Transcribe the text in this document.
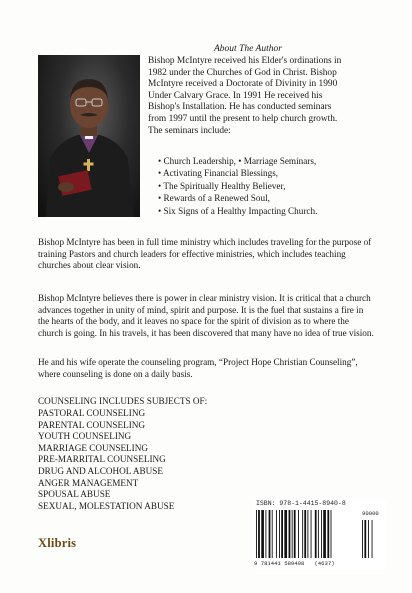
About The Author

Bishop McIntyre received his Elder's ordinations in

1982 under the Churches of God in Christ. Bishop

McIntyre received a Doctorate of Divinity in 1990

Under Calvary Grace. In 1991 He received his

Bishop's Installation. He has conducted seminars

from 1997 until the present to help church growth.

The seminars include:

• Church Leadership, • Marriage Seminars,
• Activating Financial Blessings,
• The Spiritually Healthy Believer,
• Rewards of a Renewed Soul,
• Six Signs of a Healthy Impacting Church.

Bishop McIntyre has been in full time ministry which includes traveling for the purpose of training Pastors and church leaders for effective ministries, which includes teaching churches about clear vision.

Bishop McIntyre believes there is power in clear ministry vision. It is critical that a church advances together in unity of mind, spirit and purpose. It is the fuel that sustains a fire in the hearts of the body, and it leaves no space for the spirit of division as to where the church is going. In his travels, it has been discovered that many have no idea of true vision.

He and his wife operate the counseling program, “Project Hope Christian Counseling”, where counseling is done on a daily basis.

COUNSELING INCLUDES SUBJECTS OF:
PASTORAL COUNSELING
PARENTAL COUNSELING
YOUTH COUNSELING
MARRIAGE COUNSELING
PRE-MARRITAL COUNSELING
DRUG AND ALCOHOL ABUSE
ANGER MANAGEMENT
SPOUSAL ABUSE
SEXUAL, MOLESTATION ABUSE
Xlibris
ISBN: 978-1-4415-8940-8
90000
9 781441 589408 (4637)
